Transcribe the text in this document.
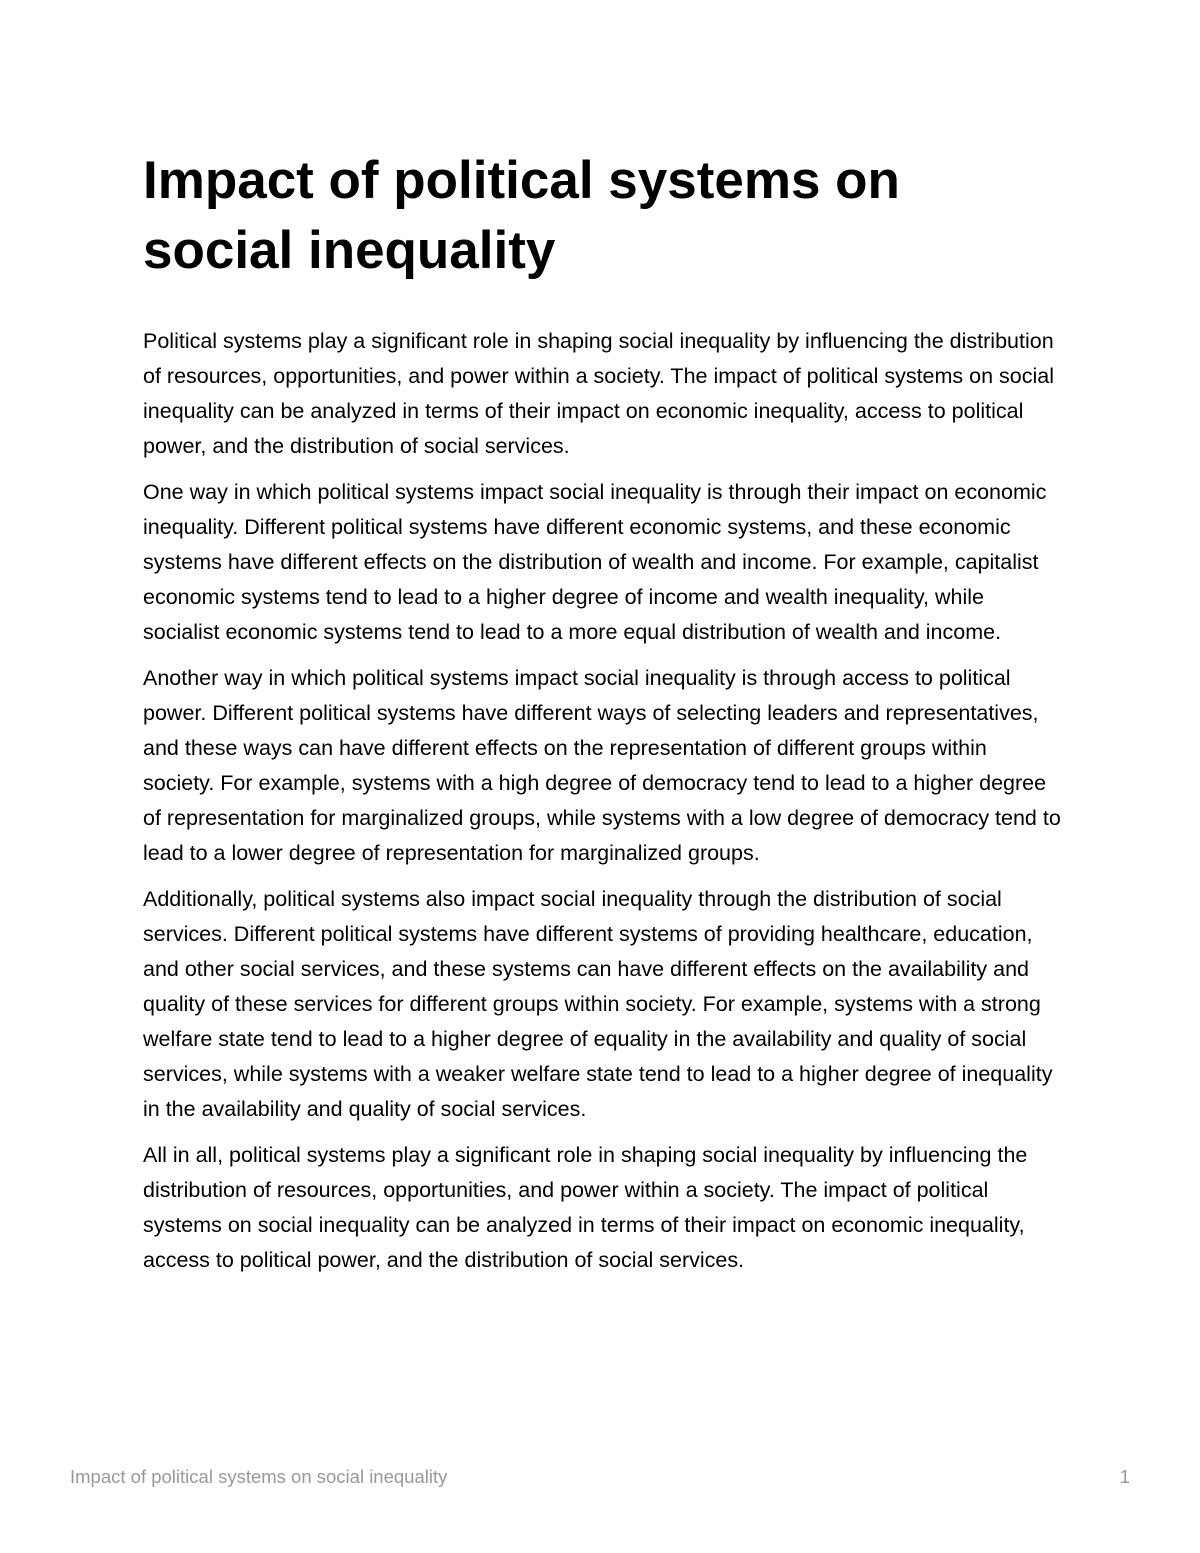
Impact of political systems on social inequality

Political systems play a significant role in shaping social inequality by influencing the distribution of resources, opportunities, and power within a society. The impact of political systems on social inequality can be analyzed in terms of their impact on economic inequality, access to political power, and the distribution of social services.

One way in which political systems impact social inequality is through their impact on economic inequality. Different political systems have different economic systems, and these economic systems have different effects on the distribution of wealth and income. For example, capitalist economic systems tend to lead to a higher degree of income and wealth inequality, while socialist economic systems tend to lead to a more equal distribution of wealth and income.

Another way in which political systems impact social inequality is through access to political power. Different political systems have different ways of selecting leaders and representatives, and these ways can have different effects on the representation of different groups within society. For example, systems with a high degree of democracy tend to lead to a higher degree of representation for marginalized groups, while systems with a low degree of democracy tend to lead to a lower degree of representation for marginalized groups.

Additionally, political systems also impact social inequality through the distribution of social services. Different political systems have different systems of providing healthcare, education, and other social services, and these systems can have different effects on the availability and quality of these services for different groups within society. For example, systems with a strong welfare state tend to lead to a higher degree of equality in the availability and quality of social services, while systems with a weaker welfare state tend to lead to a higher degree of inequality in the availability and quality of social services.

All in all, political systems play a significant role in shaping social inequality by influencing the distribution of resources, opportunities, and power within a society. The impact of political systems on social inequality can be analyzed in terms of their impact on economic inequality, access to political power, and the distribution of social services.

Impact of political systems on social inequality	1
